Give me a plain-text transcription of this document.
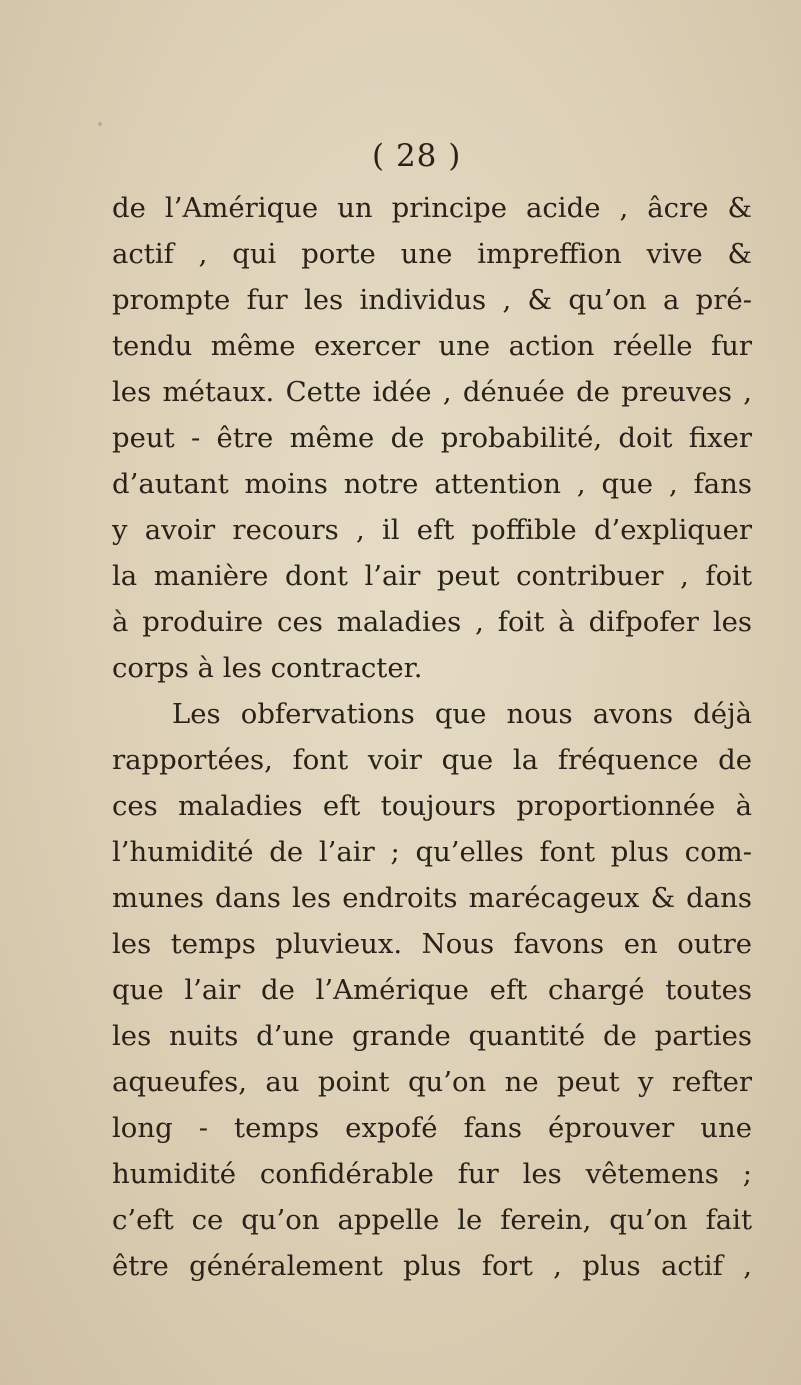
( 28 )
de l’Amérique un principe acide , âcre &
actif , qui porte une impreffion vive &
prompte fur les individus , & qu’on a pré-
tendu même exercer une action réelle fur
les métaux. Cette idée , dénuée de preuves ,
peut - être même de probabilité, doit fixer
d’autant moins notre attention , que , fans
y avoir recours , il eft poffible d’expliquer
la manière dont l’air peut contribuer , foit
à produire ces maladies , foit à difpofer les
corps à les contracter.
Les obfervations que nous avons déjà
rapportées, font voir que la fréquence de
ces maladies eft toujours proportionnée à
l’humidité de l’air ; qu’elles font plus com-
munes dans les endroits marécageux & dans
les temps pluvieux. Nous favons en outre
que l’air de l’Amérique eft chargé toutes
les nuits d’une grande quantité de parties
aqueufes, au point qu’on ne peut y refter
long - temps expofé fans éprouver une
humidité confidérable fur les vêtemens ;
c’eft ce qu’on appelle le ferein, qu’on fait
être généralement plus fort , plus actif ,
